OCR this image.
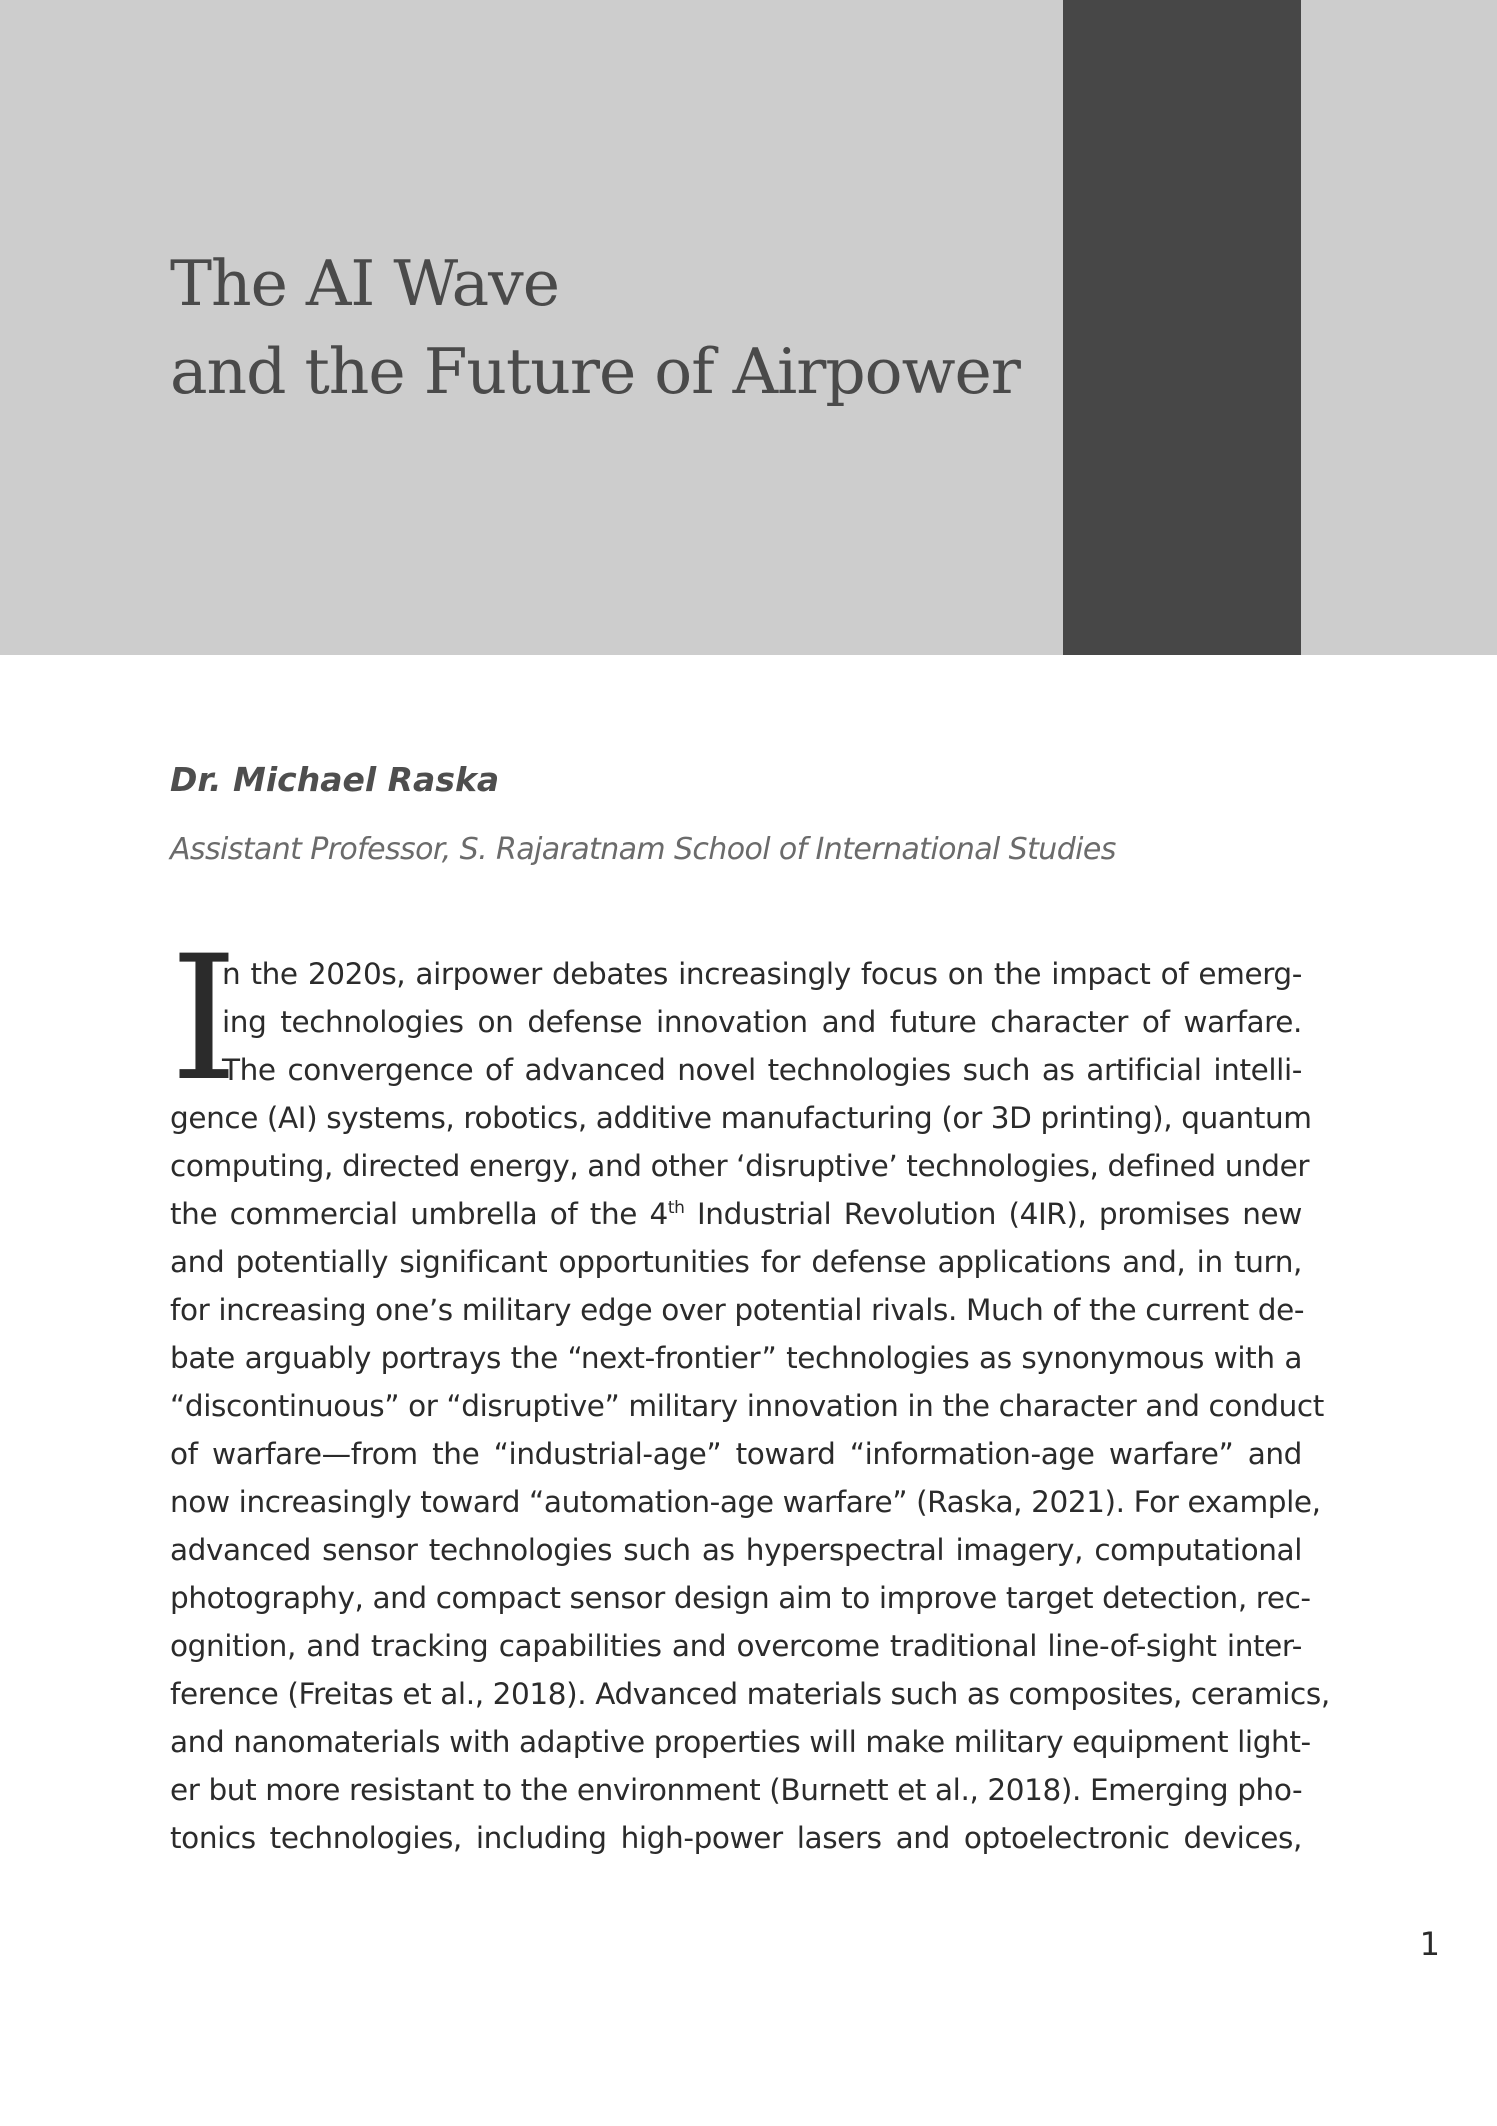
The AI Wave
and the Future of Airpower

Dr. Michael Raska

Assistant Professor, S. Rajaratnam School of International Studies

I
n the 2020s, airpower debates increasingly focus on the impact of emerg-
ing technologies on defense innovation and future character of warfare.
The convergence of advanced novel technologies such as artificial intelli-
gence (AI) systems, robotics, additive manufacturing (or 3D printing), quantum
computing, directed energy, and other ‘disruptive’ technologies, defined under
the commercial umbrella of the 4th Industrial Revolution (4IR), promises new
and potentially significant opportunities for defense applications and, in turn,
for increasing one’s military edge over potential rivals. Much of the current de-
bate arguably portrays the “next-frontier” technologies as synonymous with a
“discontinuous” or “disruptive” military innovation in the character and conduct
of warfare—from the “industrial-age” toward “information-age warfare” and
now increasingly toward “automation-age warfare” (Raska, 2021). For example,
advanced sensor technologies such as hyperspectral imagery, computational
photography, and compact sensor design aim to improve target detection, rec-
ognition, and tracking capabilities and overcome traditional line-of-sight inter-
ference (Freitas et al., 2018). Advanced materials such as composites, ceramics,
and nanomaterials with adaptive properties will make military equipment light-
er but more resistant to the environment (Burnett et al., 2018). Emerging pho-
tonics technologies, including high-power lasers and optoelectronic devices,
1
